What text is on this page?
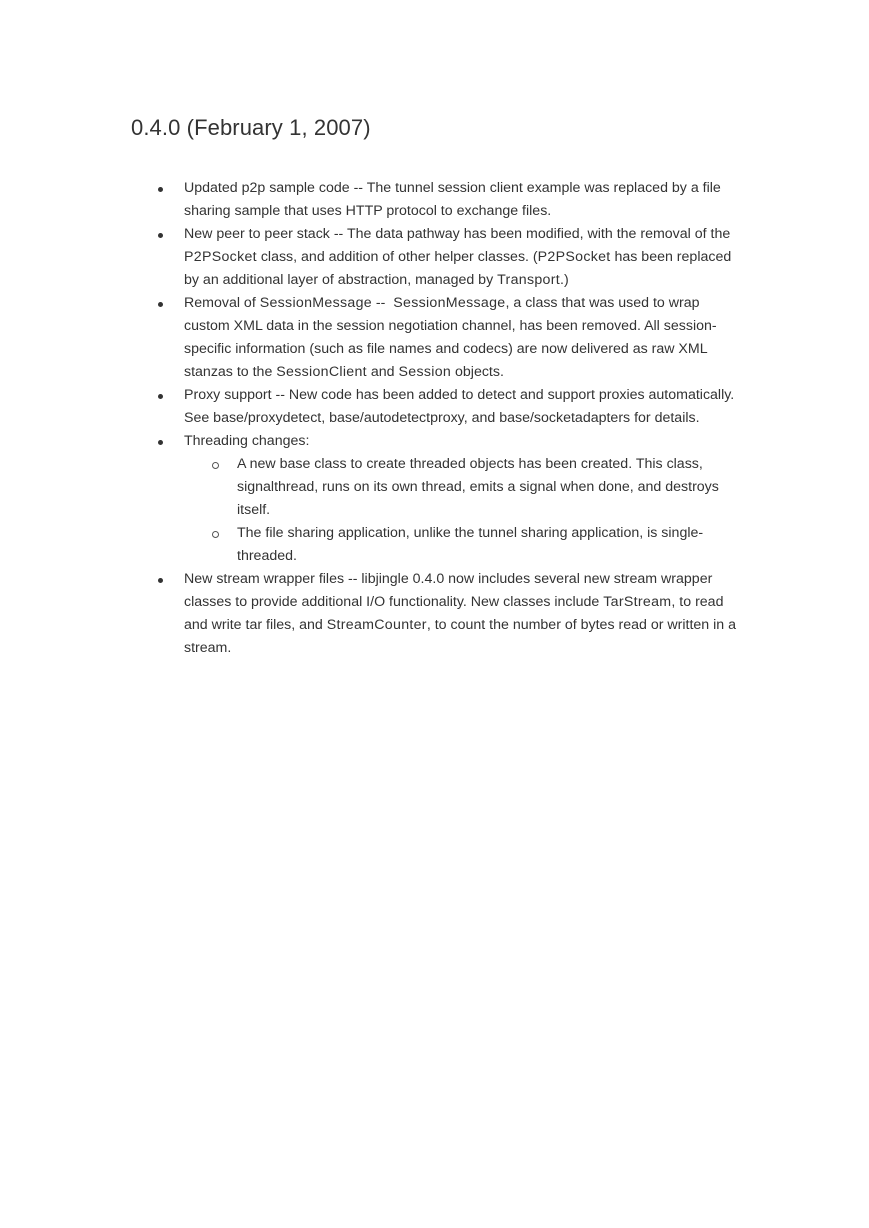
0.4.0 (February 1, 2007)
Updated p2p sample code -- The tunnel session client example was replaced by a file sharing sample that uses HTTP protocol to exchange files.
New peer to peer stack -- The data pathway has been modified, with the removal of the P2PSocket class, and addition of other helper classes. (P2PSocket has been replaced by an additional layer of abstraction, managed by Transport.)
Removal of SessionMessage --  SessionMessage, a class that was used to wrap custom XML data in the session negotiation channel, has been removed. All session-specific information (such as file names and codecs) are now delivered as raw XML stanzas to the SessionClient and Session objects.
Proxy support -- New code has been added to detect and support proxies automatically. See base/proxydetect, base/autodetectproxy, and base/socketadapters for details.
Threading changes:
A new base class to create threaded objects has been created. This class, signalthread, runs on its own thread, emits a signal when done, and destroys itself.
The file sharing application, unlike the tunnel sharing application, is single-threaded.
New stream wrapper files -- libjingle 0.4.0 now includes several new stream wrapper classes to provide additional I/O functionality. New classes include TarStream, to read and write tar files, and StreamCounter, to count the number of bytes read or written in a stream.
